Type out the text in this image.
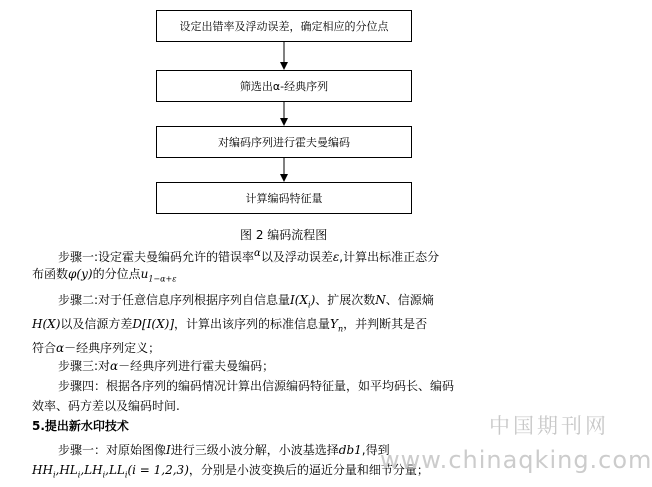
设定出错率及浮动误差，确定相应的分位点
筛选出α-经典序列
对编码序列进行霍夫曼编码
计算编码特征量
图 2 编码流程图
步骤一:设定霍夫曼编码允许的错误率$^\alpha$以及浮动误差ε,计算出标准正态分
布函数φ(y)的分位点$u_{1-\alpha+\varepsilon}$
步骤二:对于任意信息序列根据序列自信息量$I(X_i)$、扩展次数N、信源熵
H(X)以及信源方差D[I(X)]，计算出该序列的标准信息量$Y_n$，并判断其是否
符合α－经典序列定义；
步骤三:对α－经典序列进行霍夫曼编码；
步骤四：根据各序列的编码情况计算出信源编码特征量，如平均码长、编码
效率、码方差以及编码时间.
5.提出新水印技术
步骤一：对原始图像I进行三级小波分解，小波基选择db1,得到
$HH_i,HL_i,LH_i,LL_i(i = 1,2,3)$，分别是小波变换后的逼近分量和细节分量；
中国期刊网
www.chinaqking.com
